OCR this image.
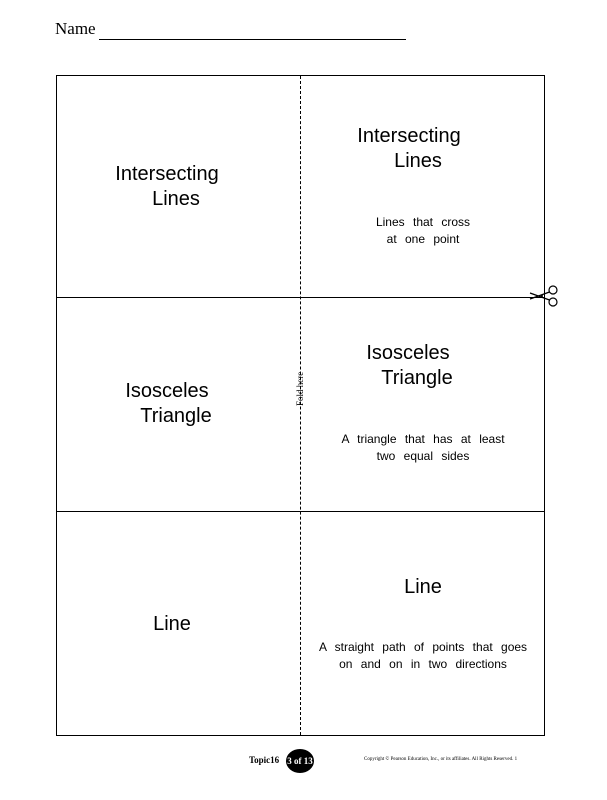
Name
Fold here
Intersecting
Lines
Intersecting
Lines
Lines that cross
at one point
Isosceles
Triangle
Isosceles
Triangle
A triangle that has at least
two equal sides
Line
Line
A straight path of points that goes
on and on in two directions
Topic16 3 of 13	Copyright © Pearson Education, Inc., or its affiliates. All Rights Reserved. 1
